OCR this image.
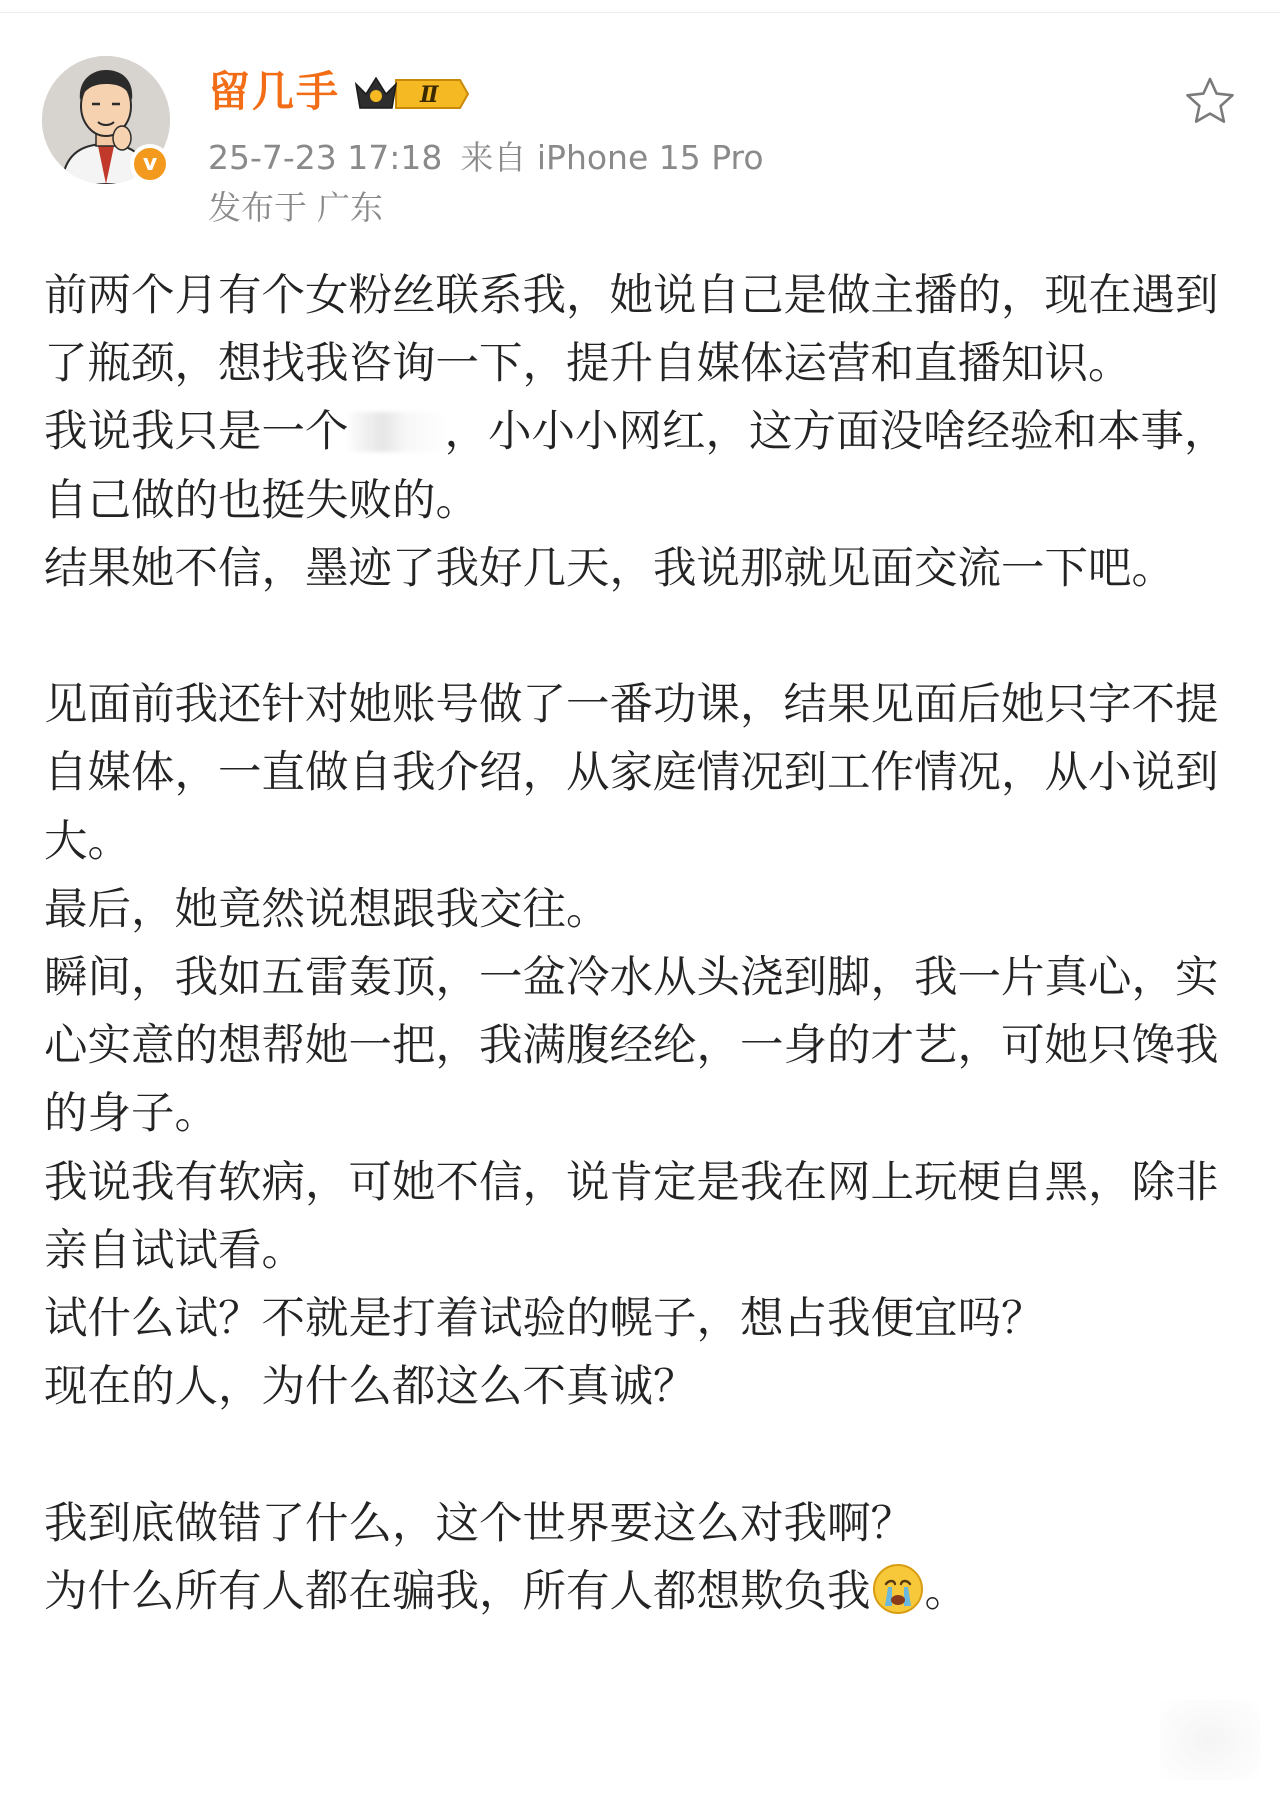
v
留几手	Ⅱ
25-7-23 17:18 来自 iPhone 15 Pro
发布于 广东

前两个月有个女粉丝联系我，她说自己是做主播的，现在遇到了瓶颈，想找我咨询一下，提升自媒体运营和直播知识。

我说我只是一个 ，小小小网红，这方面没啥经验和本事，自己做的也挺失败的。

结果她不信，墨迹了我好几天，我说那就见面交流一下吧。

见面前我还针对她账号做了一番功课，结果见面后她只字不提自媒体，一直做自我介绍，从家庭情况到工作情况，从小说到大。

最后，她竟然说想跟我交往。

瞬间，我如五雷轰顶，一盆冷水从头浇到脚，我一片真心，实心实意的想帮她一把，我满腹经纶，一身的才艺，可她只馋我的身子。

我说我有软病，可她不信，说肯定是我在网上玩梗自黑，除非亲自试试看。

试什么试？不就是打着试验的幌子，想占我便宜吗？

现在的人，为什么都这么不真诚？

我到底做错了什么，这个世界要这么对我啊？

为什么所有人都在骗我，所有人都想欺负我 。
